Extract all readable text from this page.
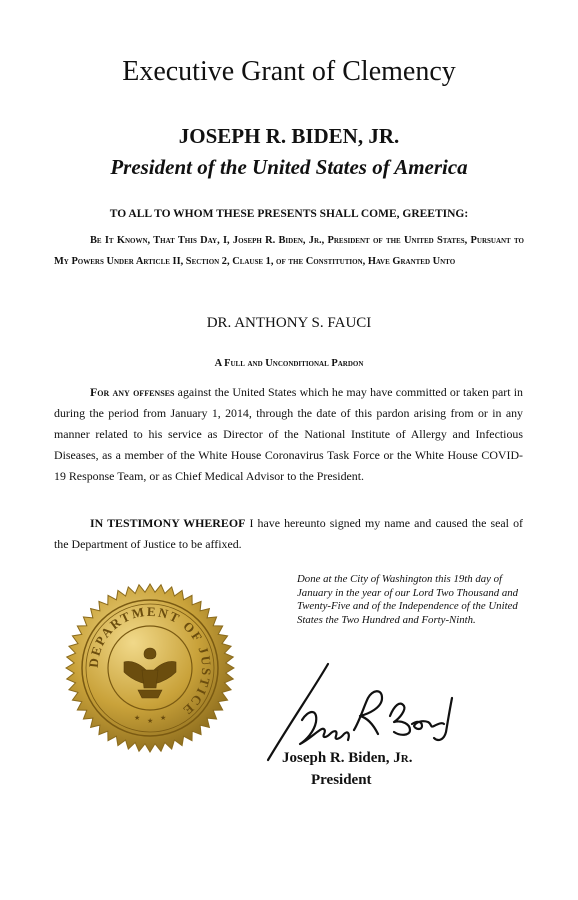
Executive Grant of Clemency
JOSEPH R. BIDEN, JR.
President of the United States of America
TO ALL TO WHOM THESE PRESENTS SHALL COME, GREETING:
Be It Known, That This Day, I, Joseph R. Biden, Jr., President of the United States, Pursuant to My Powers Under Article II, Section 2, Clause 1, of the Constitution, Have Granted Unto
DR. ANTHONY S. FAUCI
A Full and Unconditional Pardon
For any offenses against the United States which he may have committed or taken part in during the period from January 1, 2014, through the date of this pardon arising from or in any manner related to his service as Director of the National Institute of Allergy and Infectious Diseases, as a member of the White House Coronavirus Task Force or the White House COVID-19 Response Team, or as Chief Medical Advisor to the President.
IN TESTIMONY WHEREOF I have hereunto signed my name and caused the seal of the Department of Justice to be affixed.
Done at the City of Washington this 19th day of January in the year of our Lord Two Thousand and Twenty-Five and of the Independence of the United States the Two Hundred and Forty-Ninth.
DEPARTMENT OF JUSTICE
★ ★ ★
Joseph R. Biden, Jr.
President
